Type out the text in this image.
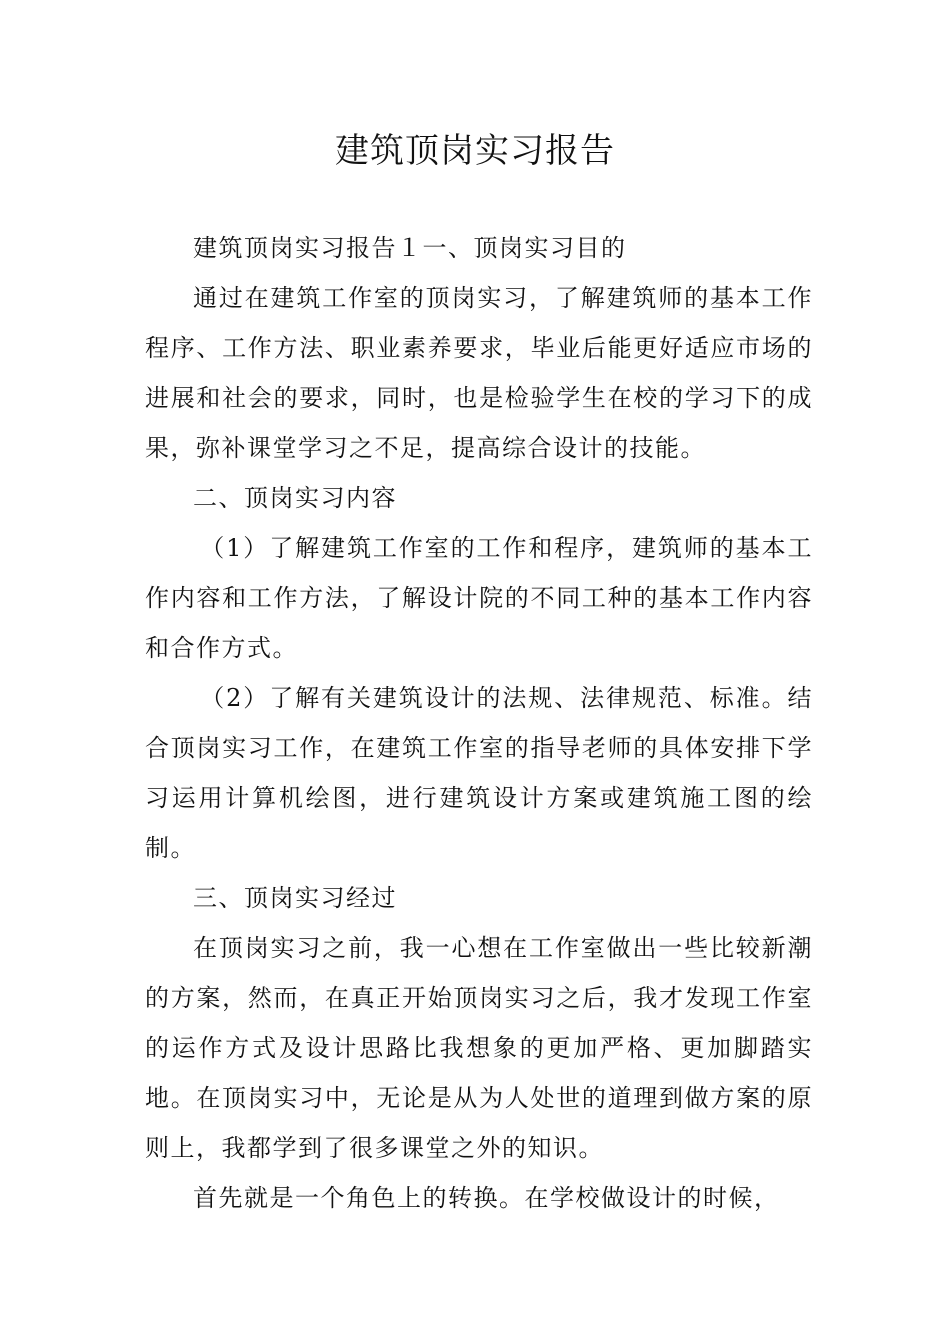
建筑顶岗实习报告

建筑顶岗实习报告１一、顶岗实习目的

通过在建筑工作室的顶岗实习，了解建筑师的基本工作程序、工作方法、职业素养要求，毕业后能更好适应市场的进展和社会的要求，同时，也是检验学生在校的学习下的成果，弥补课堂学习之不足，提高综合设计的技能。

二、顶岗实习内容

（1）了解建筑工作室的工作和程序，建筑师的基本工作内容和工作方法，了解设计院的不同工种的基本工作内容和合作方式。

（2）了解有关建筑设计的法规、法律规范、标准。结合顶岗实习工作，在建筑工作室的指导老师的具体安排下学习运用计算机绘图，进行建筑设计方案或建筑施工图的绘制。

三、顶岗实习经过

在顶岗实习之前，我一心想在工作室做出一些比较新潮的方案，然而，在真正开始顶岗实习之后，我才发现工作室的运作方式及设计思路比我想象的更加严格、更加脚踏实地。在顶岗实习中，无论是从为人处世的道理到做方案的原则上，我都学到了很多课堂之外的知识。

首先就是一个角色上的转换。在学校做设计的时候，
